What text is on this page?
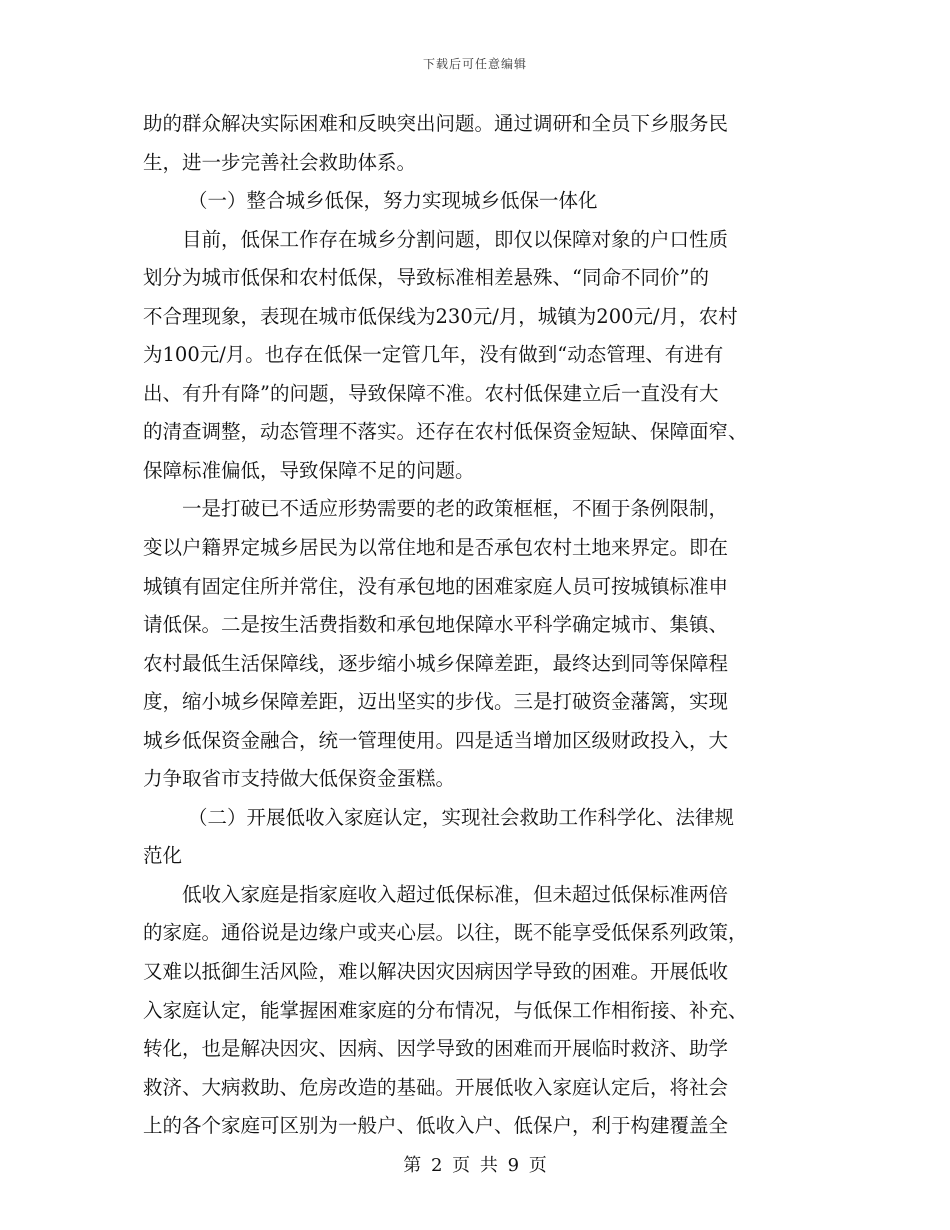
下载后可任意编辑
助的群众解决实际困难和反映突出问题。通过调研和全员下乡服务民
生，进一步完善社会救助体系。
（一）整合城乡低保，努力实现城乡低保一体化
目前，低保工作存在城乡分割问题，即仅以保障对象的户口性质
划分为城市低保和农村低保，导致标准相差悬殊、“同命不同价”的
不合理现象，表现在城市低保线为230元/月，城镇为200元/月，农村
为100元/月。也存在低保一定管几年，没有做到“动态管理、有进有
出、有升有降”的问题，导致保障不准。农村低保建立后一直没有大
的清查调整，动态管理不落实。还存在农村低保资金短缺、保障面窄、
保障标准偏低，导致保障不足的问题。
一是打破已不适应形势需要的老的政策框框，不囿于条例限制，
变以户籍界定城乡居民为以常住地和是否承包农村土地来界定。即在
城镇有固定住所并常住，没有承包地的困难家庭人员可按城镇标准申
请低保。二是按生活费指数和承包地保障水平科学确定城市、集镇、
农村最低生活保障线，逐步缩小城乡保障差距，最终达到同等保障程
度，缩小城乡保障差距，迈出坚实的步伐。三是打破资金藩篱，实现
城乡低保资金融合，统一管理使用。四是适当增加区级财政投入，大
力争取省市支持做大低保资金蛋糕。
（二）开展低收入家庭认定，实现社会救助工作科学化、法律规
范化
低收入家庭是指家庭收入超过低保标准，但未超过低保标准两倍
的家庭。通俗说是边缘户或夹心层。以往，既不能享受低保系列政策，
又难以抵御生活风险，难以解决因灾因病因学导致的困难。开展低收
入家庭认定，能掌握困难家庭的分布情况，与低保工作相衔接、补充、
转化，也是解决因灾、因病、因学导致的困难而开展临时救济、助学
救济、大病救助、危房改造的基础。开展低收入家庭认定后，将社会
上的各个家庭可区别为一般户、低收入户、低保户，利于构建覆盖全
第 2 页 共 9 页
